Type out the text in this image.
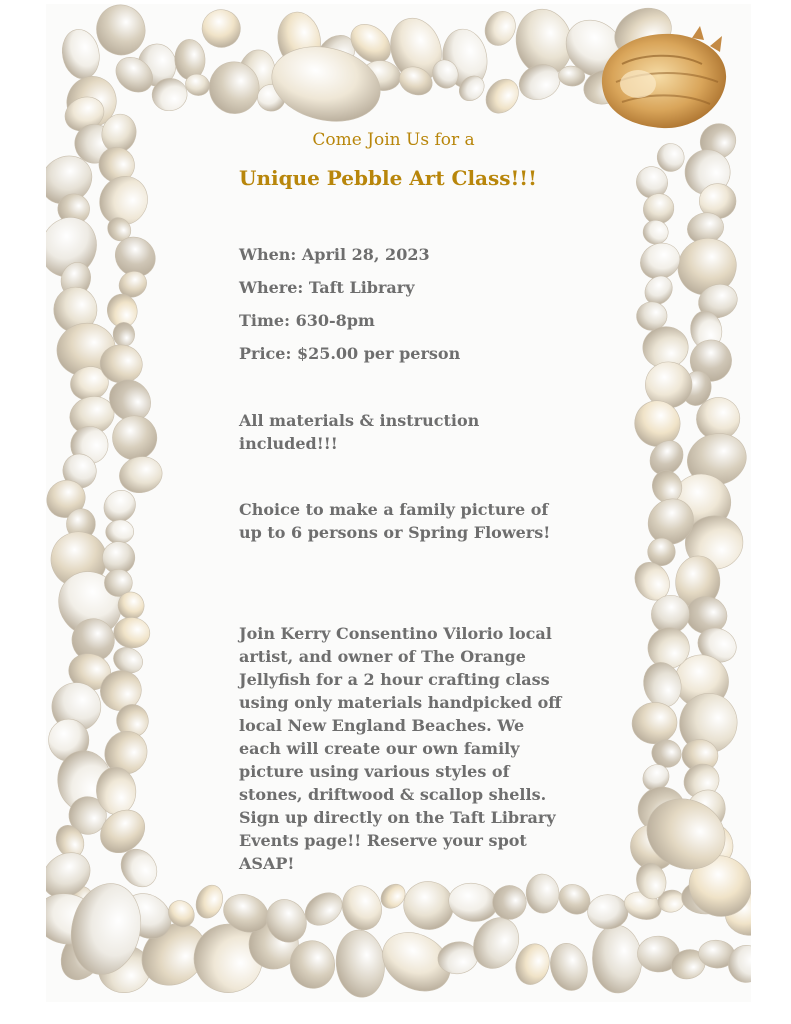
Come Join Us for a
Unique Pebble Art Class!!!
When: April 28, 2023
Where: Taft Library
Time: 630-8pm
Price: $25.00 per person
All materials & instruction
included!!!
Choice to make a family picture of
up to 6 persons or Spring Flowers!
Join Kerry Consentino Vilorio local
artist, and owner of The Orange
Jellyfish for a 2 hour crafting class
using only materials handpicked off
local New England Beaches. We
each will create our own family
picture using various styles of
stones, driftwood & scallop shells.
Sign up directly on the Taft Library
Events page!! Reserve your spot
ASAP!
